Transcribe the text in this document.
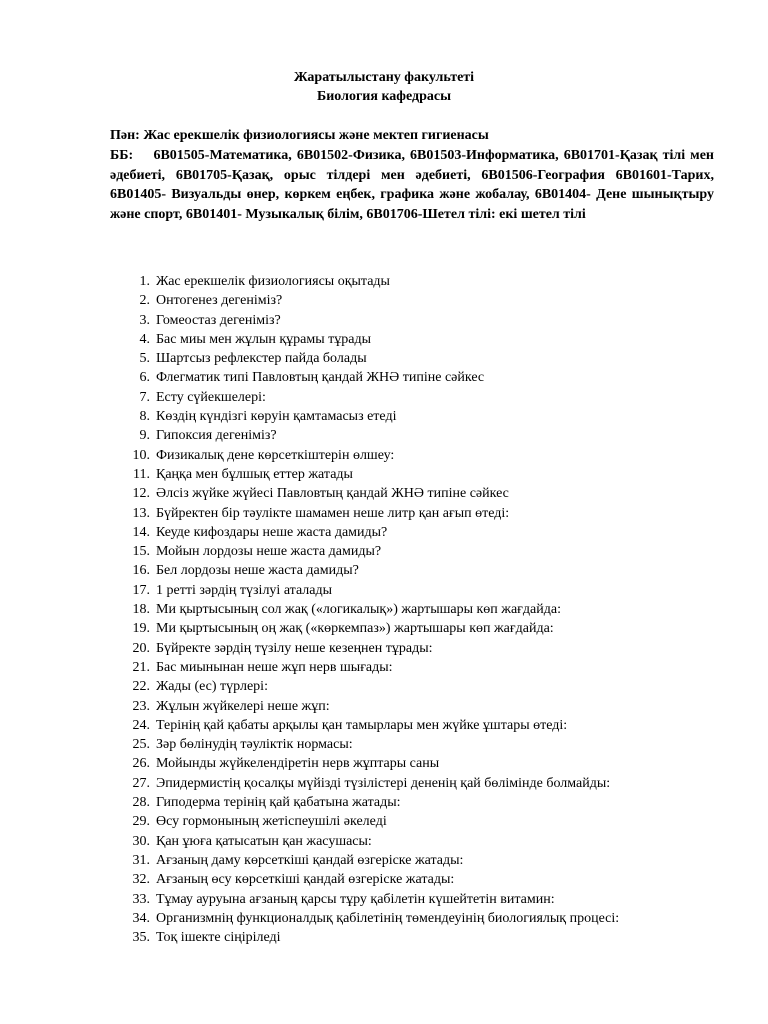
Жаратылыстану факультеті
Биология кафедрасы
Пән: Жас ерекшелік физиологиясы және мектеп гигиенасы
ББ: 6В01505-Математика, 6В01502-Физика, 6В01503-Информатика, 6В01701-Қазақ тілі мен әдебиеті, 6В01705-Қазақ, орыс тілдері мен әдебиеті, 6В01506-География 6В01601-Тарих, 6В01405- Визуальды өнер, көркем еңбек, графика және жобалау, 6В01404- Дене шынықтыру және спорт, 6В01401- Музыкалық білім, 6В01706-Шетел тілі: екі шетел тілі
1. Жас ерекшелік физиологиясы оқытады
2. Онтогенез дегеніміз?
3. Гомеостаз дегеніміз?
4. Бас миы мен жұлын құрамы тұрады
5. Шартсыз рефлекстер пайда болады
6. Флегматик типі Павловтың қандай ЖНӘ типіне сәйкес
7. Есту сүйекшелері:
8. Көздің күндізгі көруін қамтамасыз етеді
9. Гипоксия дегеніміз?
10. Физикалық дене көрсеткіштерін өлшеу:
11. Қаңқа мен бұлшық еттер жатады
12. Әлсіз жүйке жүйесі Павловтың қандай ЖНӘ типіне сәйкес
13. Бүйректен бір тәулікте шамамен неше литр қан ағып өтеді:
14. Кеуде кифоздары неше жаста дамиды?
15. Мойын лордозы неше жаста дамиды?
16. Бел лордозы неше жаста дамиды?
17. 1 ретті зәрдің түзілуі аталады
18. Ми қыртысының сол жақ («логикалық») жартышары көп жағдайда:
19. Ми қыртысының оң жақ («көркемпаз») жартышары көп жағдайда:
20. Бүйректе зәрдің түзілу неше кезеңнен тұрады:
21. Бас миынынан неше жұп нерв шығады:
22. Жады (ес) түрлері:
23. Жұлын жүйкелері неше жұп:
24. Терінің қай қабаты арқылы қан тамырлары мен жүйке ұштары өтеді:
25. Зәр бөлінудің тәуліктік нормасы:
26. Мойынды жүйкелендіретін нерв жұптары саны
27. Эпидермистің қосалқы мүйізді түзілістері дененің қай бөлімінде болмайды:
28. Гиподерма терінің қай қабатына жатады:
29. Өсу гормонының жетіспеушілі әкеледі
30. Қан ұюға қатысатын қан жасушасы:
31. Ағзаның даму көрсеткіші қандай өзгеріске жатады:
32. Ағзаның өсу көрсеткіші қандай өзгеріске жатады:
33. Тұмау ауруына ағзаның қарсы тұру қабілетін күшейтетін витамин:
34. Организмнің функционалдық қабілетінің төмендеуінің биологиялық процесі:
35. Тоқ ішекте сіңіріледі
